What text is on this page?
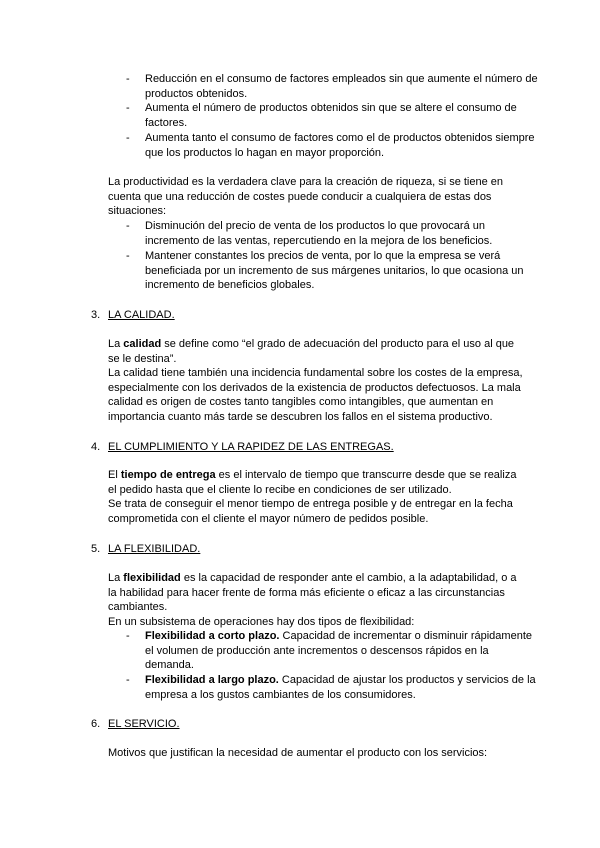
- Reducción en el consumo de factores empleados sin que aumente el número de productos obtenidos.
- Aumenta el número de productos obtenidos sin que se altere el consumo de factores.
- Aumenta tanto el consumo de factores como el de productos obtenidos siempre que los productos lo hagan en mayor proporción.
La productividad es la verdadera clave para la creación de riqueza, si se tiene en cuenta que una reducción de costes puede conducir a cualquiera de estas dos situaciones:
- Disminución del precio de venta de los productos lo que provocará un incremento de las ventas, repercutiendo en la mejora de los beneficios.
- Mantener constantes los precios de venta, por lo que la empresa se verá beneficiada por un incremento de sus márgenes unitarios, lo que ocasiona un incremento de beneficios globales.
3. LA CALIDAD.
La calidad se define como “el grado de adecuación del producto para el uso al que se le destina”.
La calidad tiene también una incidencia fundamental sobre los costes de la empresa, especialmente con los derivados de la existencia de productos defectuosos. La mala calidad es origen de costes tanto tangibles como intangibles, que aumentan en importancia cuanto más tarde se descubren los fallos en el sistema productivo.
4. EL CUMPLIMIENTO Y LA RAPIDEZ DE LAS ENTREGAS.
El tiempo de entrega es el intervalo de tiempo que transcurre desde que se realiza el pedido hasta que el cliente lo recibe en condiciones de ser utilizado.
Se trata de conseguir el menor tiempo de entrega posible y de entregar en la fecha comprometida con el cliente el mayor número de pedidos posible.
5. LA FLEXIBILIDAD.
La flexibilidad es la capacidad de responder ante el cambio, a la adaptabilidad, o a la habilidad para hacer frente de forma más eficiente o eficaz a las circunstancias cambiantes.
En un subsistema de operaciones hay dos tipos de flexibilidad:
- Flexibilidad a corto plazo. Capacidad de incrementar o disminuir rápidamente el volumen de producción ante incrementos o descensos rápidos en la demanda.
- Flexibilidad a largo plazo. Capacidad de ajustar los productos y servicios de la empresa a los gustos cambiantes de los consumidores.
6. EL SERVICIO.
Motivos que justifican la necesidad de aumentar el producto con los servicios:
